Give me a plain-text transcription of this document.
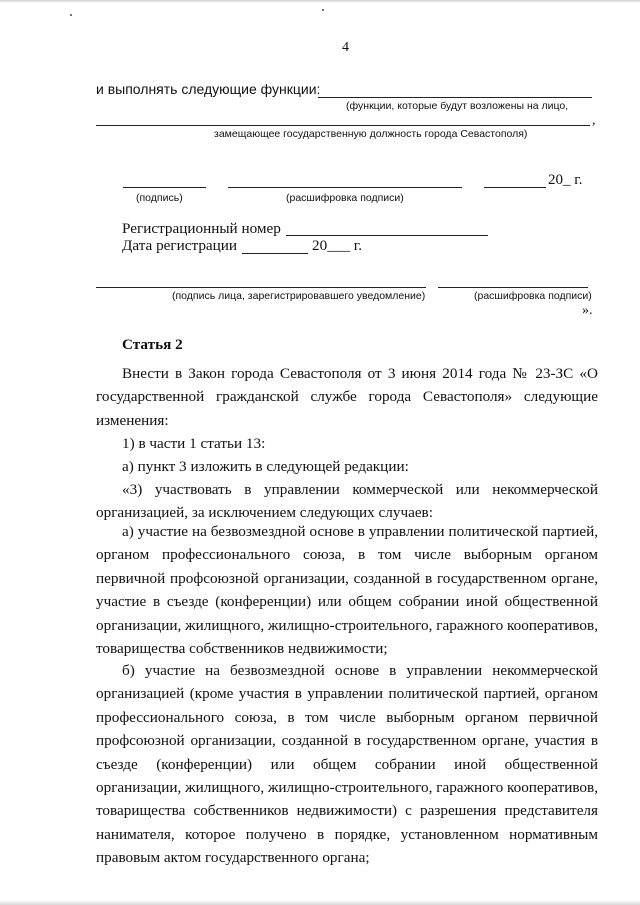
4
и выполнять следующие функции:
(функции, которые будут возложены на лицо,
,
замещающее государственную должность города Севастополя)
(подпись)	(расшифровка подписи)
20_ г.
Регистрационный номер
Дата регистрации	20___ г.
(подпись лица, зарегистрировавшего уведомление)	(расшифровка подписи)
».
Статья 2

Внести в Закон города Севастополя от 3 июня 2014 года № 23-ЗС «О государственной гражданской службе города Севастополя» следующие изменения:

1) в части 1 статьи 13:

а) пункт 3 изложить в следующей редакции:

«3) участвовать в управлении коммерческой или некоммерческой организацией, за исключением следующих случаев:

а) участие на безвозмездной основе в управлении политической партией, органом профессионального союза, в том числе выборным органом первичной профсоюзной организации, созданной в государственном органе, участие в съезде (конференции) или общем собрании иной общественной организации, жилищного, жилищно-строительного, гаражного кооперативов, товарищества собственников недвижимости;

б) участие на безвозмездной основе в управлении некоммерческой организацией (кроме участия в управлении политической партией, органом профессионального союза, в том числе выборным органом первичной профсоюзной организации, созданной в государственном органе, участия в съезде (конференции) или общем собрании иной общественной организации, жилищного, жилищно-строительного, гаражного кооперативов, товарищества собственников недвижимости) с разрешения представителя нанимателя, которое получено в порядке, установленном нормативным правовым актом государственного органа;
